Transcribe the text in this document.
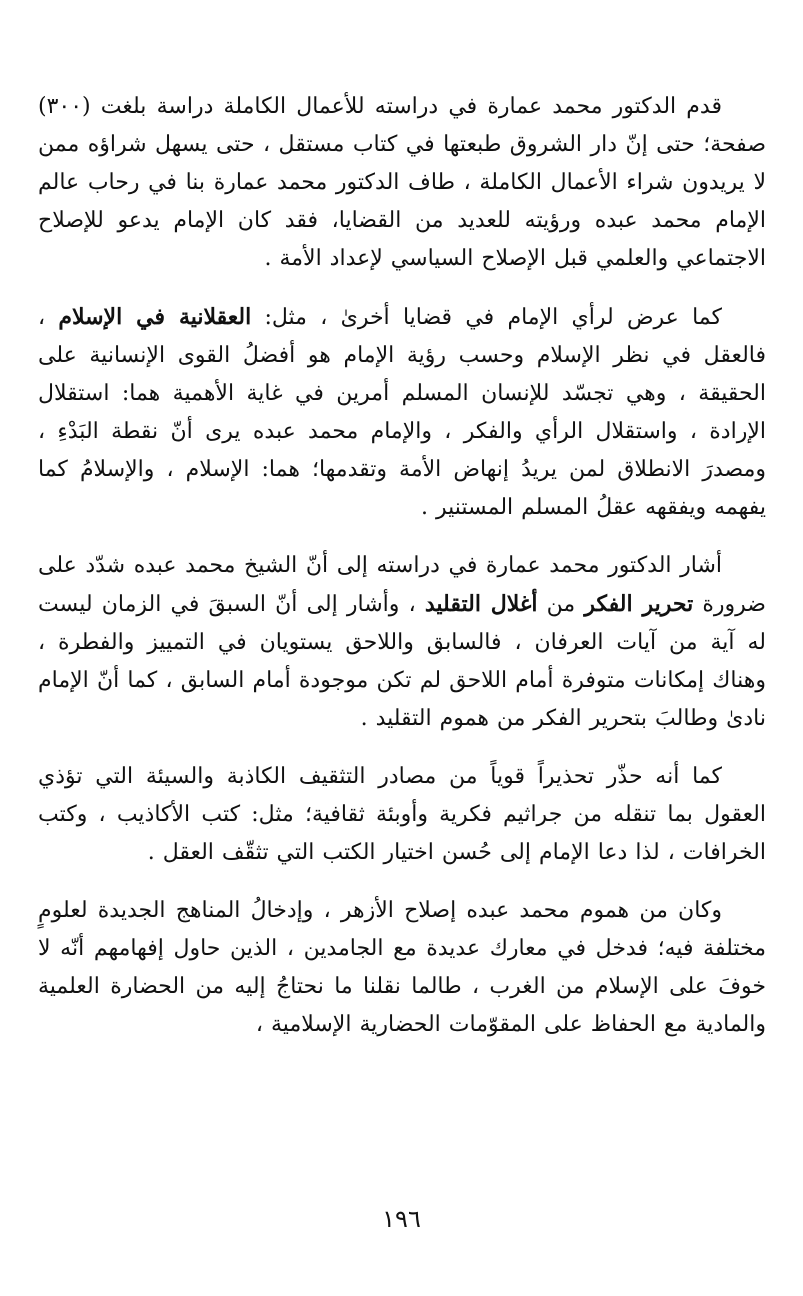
قدم الدكتور محمد عمارة في دراسته للأعمال الكاملة دراسة بلغت (٣٠٠) صفحة؛ حتى إنّ دار الشروق طبعتها في كتاب مستقل ، حتى يسهل شراؤه ممن لا يريدون شراء الأعمال الكاملة ، طاف الدكتور محمد عمارة بنا في رحاب عالم الإمام محمد عبده ورؤيته للعديد من القضايا، فقد كان الإمام يدعو للإصلاح الاجتماعي والعلمي قبل الإصلاح السياسي لإعداد الأمة .

كما عرض لرأي الإمام في قضايا أخرىٰ ، مثل: العقلانية في الإسلام ، فالعقل في نظر الإسلام وحسب رؤية الإمام هو أفضلُ القوى الإنسانية على الحقيقة ، وهي تجسّد للإنسان المسلم أمرين في غاية الأهمية هما: استقلال الإرادة ، واستقلال الرأي والفكر ، والإمام محمد عبده يرى أنّ نقطة البَدْءِ ، ومصدرَ الانطلاق لمن يريدُ إنهاض الأمة وتقدمها؛ هما: الإسلام ، والإسلامُ كما يفهمه ويفقهه عقلُ المسلم المستنير .

أشار الدكتور محمد عمارة في دراسته إلى أنّ الشيخ محمد عبده شدّد على ضرورة تحرير الفكر من أغلال التقليد ، وأشار إلى أنّ السبقَ في الزمان ليست له آية من آيات العرفان ، فالسابق واللاحق يستويان في التمييز والفطرة ، وهناك إمكانات متوفرة أمام اللاحق لم تكن موجودة أمام السابق ، كما أنّ الإمام نادىٰ وطالبَ بتحرير الفكر من هموم التقليد .

كما أنه حذّر تحذيراً قوياً من مصادر التثقيف الكاذبة والسيئة التي تؤذي العقول بما تنقله من جراثيم فكرية وأوبئة ثقافية؛ مثل: كتب الأكاذيب ، وكتب الخرافات ، لذا دعا الإمام إلى حُسن اختيار الكتب التي تثقّف العقل .

وكان من هموم محمد عبده إصلاح الأزهر ، وإدخالُ المناهج الجديدة لعلومٍ مختلفة فيه؛ فدخل في معارك عديدة مع الجامدين ، الذين حاول إفهامهم أنّه لا خوفَ على الإسلام من الغرب ، طالما نقلنا ما نحتاجُ إليه من الحضارة العلمية والمادية مع الحفاظ على المقوّمات الحضارية الإسلامية ،

١٩٦
